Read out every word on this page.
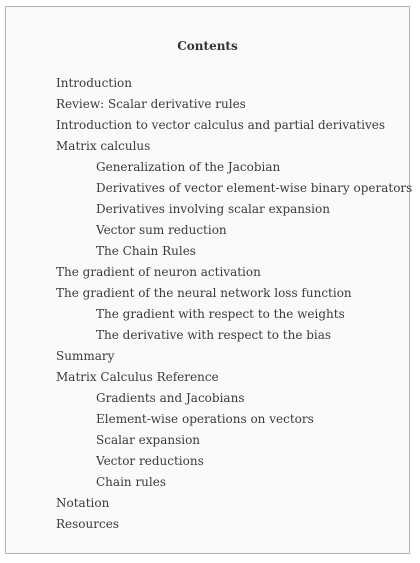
Contents
Introduction
Review: Scalar derivative rules
Introduction to vector calculus and partial derivatives
Matrix calculus
Generalization of the Jacobian
Derivatives of vector element-wise binary operators
Derivatives involving scalar expansion
Vector sum reduction
The Chain Rules
The gradient of neuron activation
The gradient of the neural network loss function
The gradient with respect to the weights
The derivative with respect to the bias
Summary
Matrix Calculus Reference
Gradients and Jacobians
Element-wise operations on vectors
Scalar expansion
Vector reductions
Chain rules
Notation
Resources
